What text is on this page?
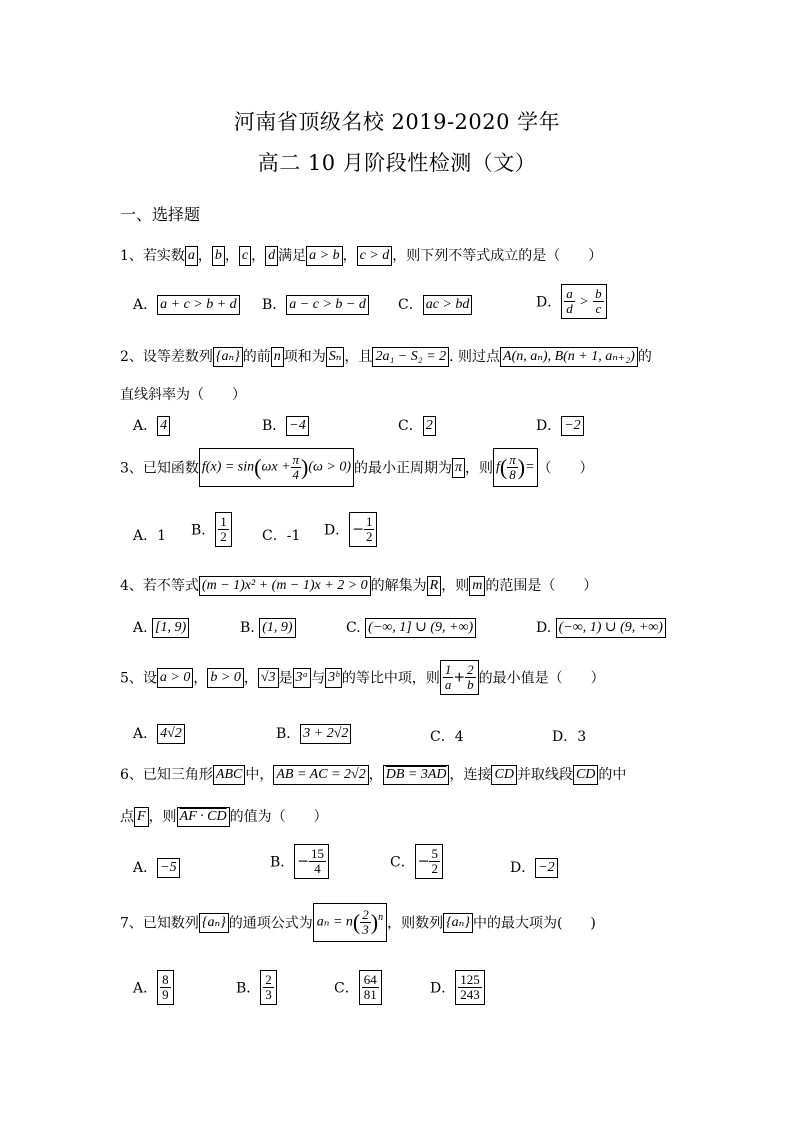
河南省顶级名校 2019-2020 学年
高二 10 月阶段性检测（文）
一、选择题
1、若实数 a ， b ， c ， d 满足 a > b ， c > d ，则下列不等式成立的是（　　）
A． a + c > b + d B． a − c > b − d C． ac > bd	D． $\frac{a}{d} > \frac{b}{c}$
2、设等差数列 {aₙ} 的前 n 项和为 Sₙ ，且 2a₁ − S₂ = 2 . 则过点 A(n, aₙ), B(n + 1, aₙ₊₂) 的
直线斜率为（　　）
A． 4	B． −4	C． 2	D． −2
3、已知函数 $f(x) = \sin(\omega x + \frac{\pi}{4} )(\omega > 0)$ 的最小正周期为 π ，则 $f( \frac{\pi}{8}$ )= （　　）
A．1 B． $\frac{1}{2}$ C．-1 D． − $\frac{1}{2}$
4、若不等式 (m − 1)x² + (m − 1)x + 2 > 0 的解集为 R ，则 m 的范围是（　　）
A. [1, 9)	B. (1, 9)	C. (−∞, 1] ∪ (9, +∞)	D. (−∞, 1) ∪ (9, +∞)
5、设 a > 0 ， b > 0 ， √3 是 3ᵃ 与 3ᵇ 的等比中项，则 $\frac{1}{a} + \frac{2}{b}$ 的最小值是（　　）
A． 4√2	B． 3 + 2√2	C．4	D．3
6、已知三角形 ABC 中， AB = AC = 2√2 ， DB = 3AD ，连接 CD 并取线段 CD 的中
点 F ，则 AF · CD 的值为（　　）
A． −5	B． − $\frac{15}{4}$	C． − $\frac{5}{2}$	D． −2
7、已知数列 {aₙ} 的通项公式为 $a_n = n( \frac{2}{3} )^n$ ，则数列 {aₙ} 中的最大项为(　　)
A． $\frac{8}{9}$	B． $\frac{2}{3}$	C． $\frac{64}{81}$	D． $\frac{125}{243}$
